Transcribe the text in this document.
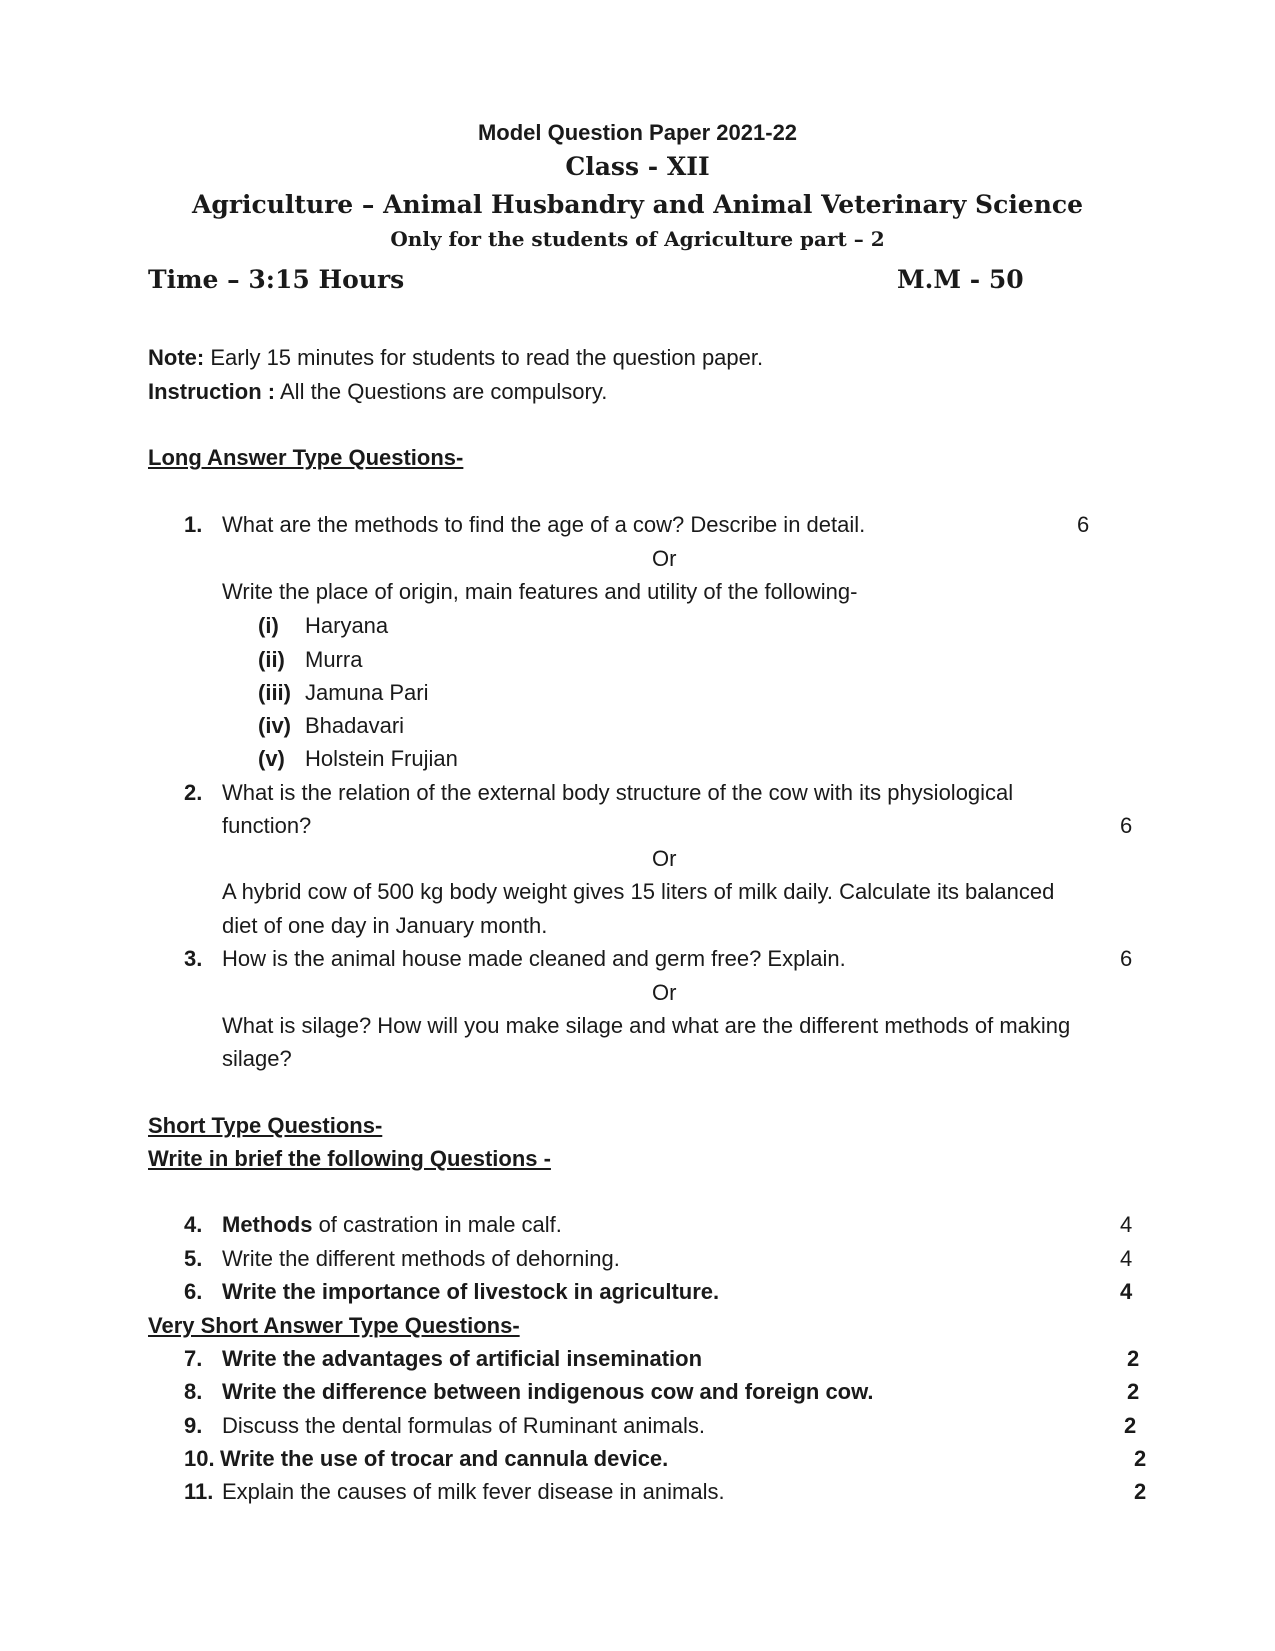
Model Question Paper 2021-22
Class - XII
Agriculture – Animal Husbandry and Animal Veterinary Science
Only for the students of Agriculture part – 2
Time – 3:15 Hours	M.M - 50
Note: Early 15 minutes for students to read the question paper.
Instruction : All the Questions are compulsory.
Long Answer Type Questions-
1. What are the methods to find the age of a cow? Describe in detail.	6
Or
Write the place of origin, main features and utility of the following-
(i) Haryana
(ii) Murra
(iii) Jamuna Pari
(iv) Bhadavari
(v) Holstein Frujian
2. What is the relation of the external body structure of the cow with its physiological
function?	6
Or
A hybrid cow of 500 kg body weight gives 15 liters of milk daily. Calculate its balanced
diet of one day in January month.
3. How is the animal house made cleaned and germ free? Explain.	6
Or
What is silage? How will you make silage and what are the different methods of making
silage?
Short Type Questions-
Write in brief the following Questions -
4. Methods of castration in male calf.	4
5. Write the different methods of dehorning.	4
6. Write the importance of livestock in agriculture.	4
Very Short Answer Type Questions-
7. Write the advantages of artificial insemination	2
8. Write the difference between indigenous cow and foreign cow.	2
9. Discuss the dental formulas of Ruminant animals.	2
10. Write the use of trocar and cannula device.	2
11. Explain the causes of milk fever disease in animals.	2
